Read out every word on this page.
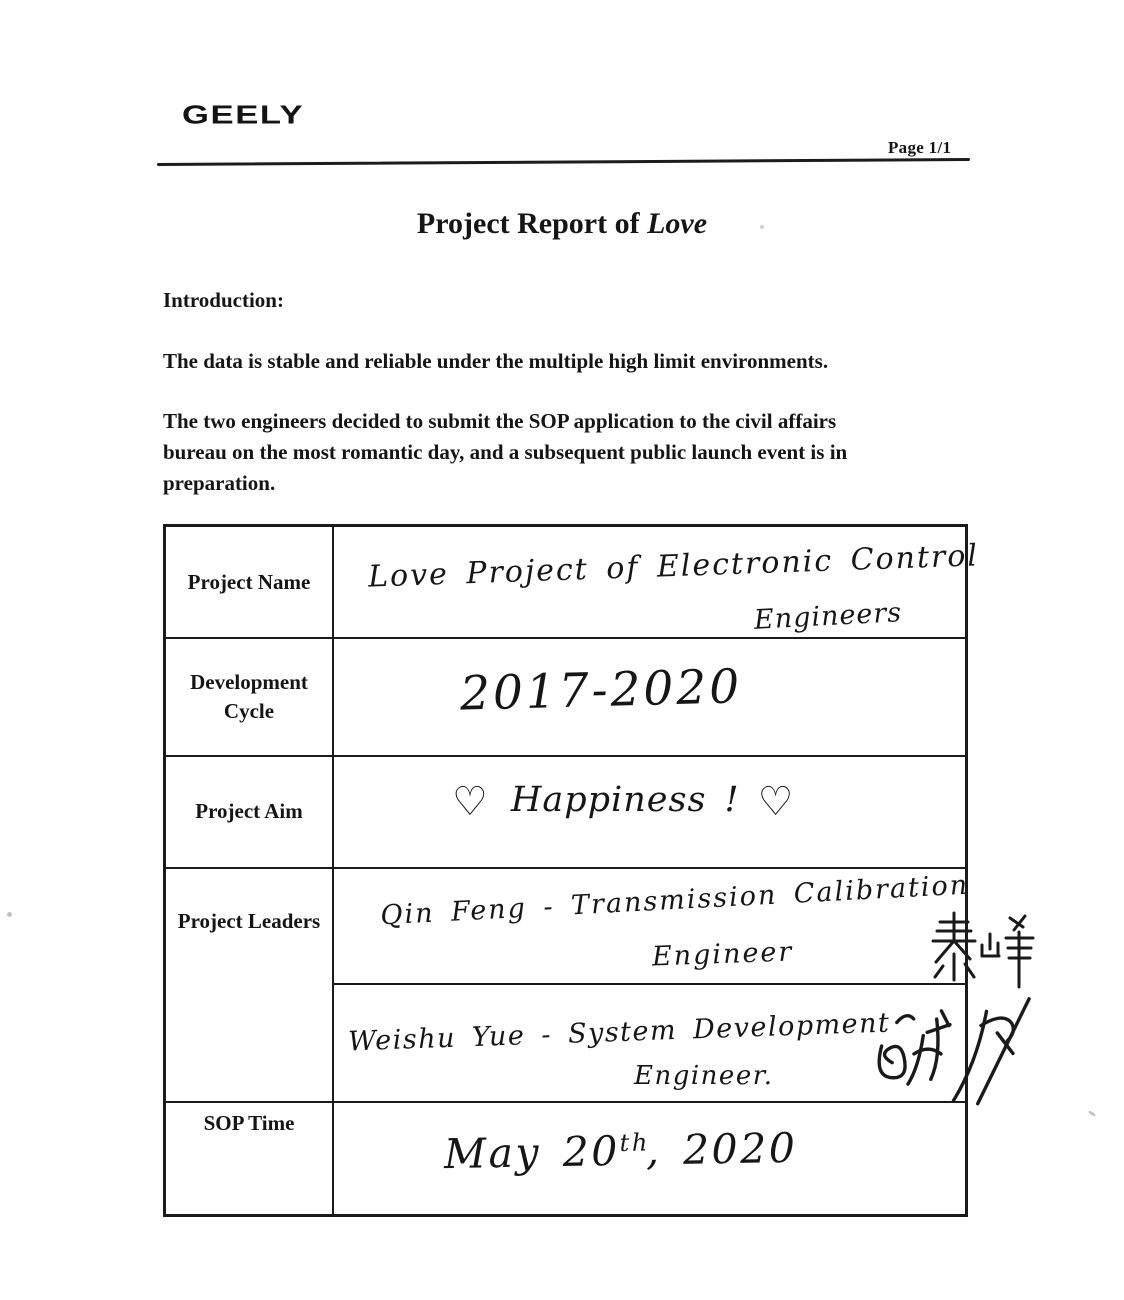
GEELY
Page 1/1
Project Report of Love
Introduction:
The data is stable and reliable under the multiple high limit environments.
The two engineers decided to submit the SOP application to the civil affairs
bureau on the most romantic day, and a subsequent public launch event is in
preparation.
Project Name	Love Project of Electronic Control
Engineers

Development Cycle	2017-2020

Project Aim	♡ Happiness ! ♡

Project Leaders	Qin Feng - Transmission Calibration
Engineer

	Weishu Yue - System Development
Engineer.

SOP Time	May 20th, 2020
